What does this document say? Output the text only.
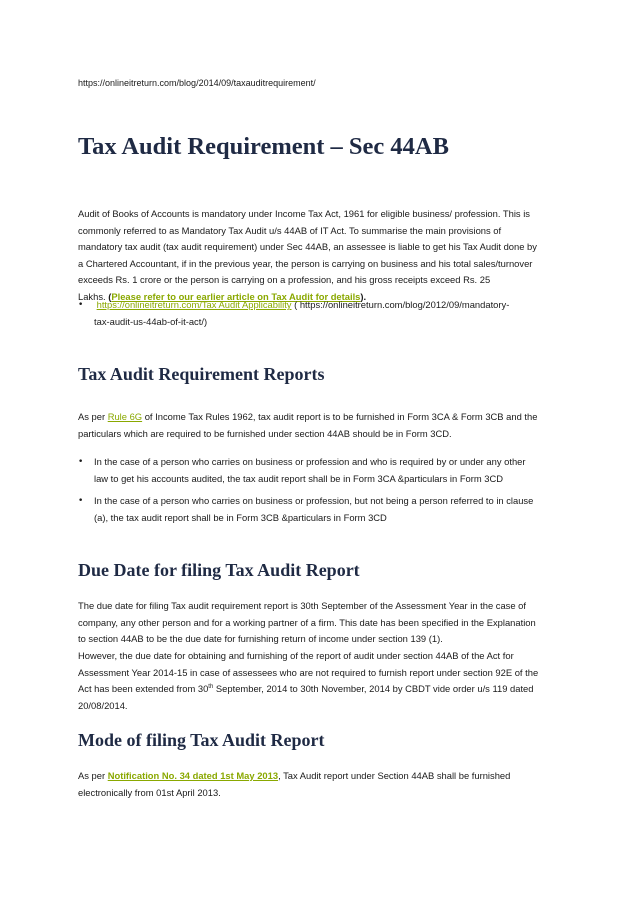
https://onlineitreturn.com/blog/2014/09/taxauditrequirement/
Tax Audit Requirement – Sec 44AB
Audit of Books of Accounts is mandatory under Income Tax Act, 1961 for eligible business/ profession. This is
commonly referred to as Mandatory Tax Audit u/s 44AB of IT Act. To summarise the main provisions of
mandatory tax audit (tax audit requirement) under Sec 44AB, an assessee is liable to get his Tax Audit done by
a Chartered Accountant, if in the previous year, the person is carrying on business and his total sales/turnover
exceeds Rs. 1 crore or the person is carrying on a profession, and his gross receipts exceed Rs. 25
Lakhs. (Please refer to our earlier article on Tax Audit for details).
• https://onlineitreturn.com/Tax Audit Applicability ( https://onlineitreturn.com/blog/2012/09/mandatory-
tax-audit-us-44ab-of-it-act/)
Tax Audit Requirement Reports
As per Rule 6G of Income Tax Rules 1962, tax audit report is to be furnished in Form 3CA & Form 3CB and the
particulars which are required to be furnished under section 44AB should be in Form 3CD.
• In the case of a person who carries on business or profession and who is required by or under any other
law to get his accounts audited, the tax audit report shall be in Form 3CA &particulars in Form 3CD
• In the case of a person who carries on business or profession, but not being a person referred to in clause
(a), the tax audit report shall be in Form 3CB &particulars in Form 3CD
Due Date for filing Tax Audit Report
The due date for filing Tax audit requirement report is 30th September of the Assessment Year in the case of
company, any other person and for a working partner of a firm. This date has been specified in the Explanation
to section 44AB to be the due date for furnishing return of income under section 139 (1).
However, the due date for obtaining and furnishing of the report of audit under section 44AB of the Act for
Assessment Year 2014-15 in case of assessees who are not required to furnish report under section 92E of the
Act has been extended from 30th September, 2014 to 30th November, 2014 by CBDT vide order u/s 119 dated
20/08/2014.
Mode of filing Tax Audit Report
As per Notification No. 34 dated 1st May 2013, Tax Audit report under Section 44AB shall be furnished
electronically from 01st April 2013.
